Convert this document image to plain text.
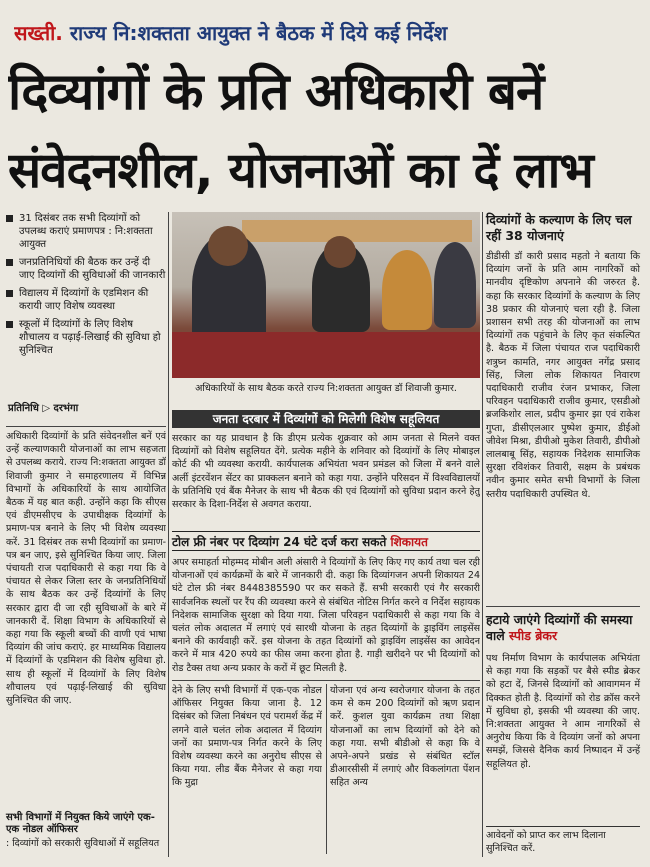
सख्ती. राज्य नि:शक्तता आयुक्त ने बैठक में दिये कई निर्देश
दिव्यांगों के प्रति अधिकारी बनें
संवेदनशील, योजनाओं का दें लाभ
31 दिसंबर तक सभी दिव्यांगों को उपलब्ध कराएं प्रमाणपत्र : नि:शक्तता आयुक्त
जनप्रतिनिधियों की बैठक कर उन्हें दी जाए दिव्यांगों की सुविधाओं की जानकारी
विद्यालय में दिव्यांगों के एडमिशन की करायी जाए विशेष व्यवस्था
स्कूलों में दिव्यांगों के लिए विशेष शौचालय व पढ़ाई-लिखाई की सुविधा हो सुनिश्चित
प्रतिनिधि ▷ दरभंगा
अधिकारियों के साथ बैठक करते राज्य नि:शक्तता आयुक्त डॉ शिवाजी कुमार.
जनता दरबार में दिव्यांगों को मिलेगी विशेष सहूलियत
सरकार का यह प्रावधान है कि डीएम प्रत्येक शुक्रवार को आम जनता से मिलने वक्त दिव्यांगों को विशेष सहूलियत देंगे. प्रत्येक महीने के शनिवार को दिव्यांगों के लिए मोबाइल कोर्ट की भी व्यवस्था करायी. कार्यपालक अभियंता भवन प्रमंडल को जिला में बनने वाले अर्ली इंटरवेंशन सेंटर का प्राक्कलन बनाने को कहा गया. उन्होंने परिसदन में विश्वविद्यालयों के प्रतिनिधि एवं बैंक मैनेजर के साथ भी बैठक की एवं दिव्यांगों को सुविधा प्रदान करने हेतु सरकार के दिशा-निर्देश से अवगत कराया.
टोल फ्री नंबर पर दिव्यांग 24 घंटे दर्ज करा सकते शिकायत
अपर समाहर्ता मोहम्मद मोबीन अली अंसारी ने दिव्यांगों के लिए किए गए कार्य तथा चल रही योजनाओं एवं कार्यक्रमों के बारे में जानकारी दी. कहा कि दिव्यांगजन अपनी शिकायत 24 घंटे टोल फ्री नंबर 8448385590 पर कर सकते हैं. सभी सरकारी एवं गैर सरकारी सार्वजनिक स्थलों पर रैंप की व्यवस्था करने से संबंधित नोटिस निर्गत करने व निर्देश सहायक निदेशक सामाजिक सुरक्षा को दिया गया. जिला परिवहन पदाधिकारी से कहा गया कि वे चलंत लोक अदालत में लगाएं एवं सारथी योजना के तहत दिव्यांगों के ड्राइविंग लाइसेंस बनाने की कार्यवाही करें. इस योजना के तहत दिव्यांगों को ड्राइविंग लाइसेंस का आवेदन करने में मात्र 420 रुपये का फीस जमा करना होता है. गाड़ी खरीदने पर भी दिव्यांगों को रोड टैक्स तथा अन्य प्रकार के करों में छूट मिलती है.
देने के लिए सभी विभागों में एक-एक नोडल ऑफिसर नियुक्त किया जाना है. 12 दिसंबर को जिला निबंधन एवं परामर्श केंद्र में लगने वाले चलंत लोक अदालत में दिव्यांग जनों का प्रमाण-पत्र निर्गत करने के लिए विशेष व्यवस्था करने का अनुरोध सीएस से किया गया. लीड बैंक मैनेजर से कहा गया कि मुद्रा
योजना एवं अन्य स्वरोजगार योजना के तहत कम से कम 200 दिव्यांगों को ऋण प्रदान करें. कुशल युवा कार्यक्रम तथा शिक्षा योजनाओं का लाभ दिव्यांगों को देने को कहा गया. सभी बीडीओ से कहा कि वे अपने-अपने प्रखंड से संबंधित स्टॉल डीआरसीसी में लगाएं और विकलांगता पेंशन सहित अन्य
अधिकारी दिव्यांगों के प्रति संवेदनशील बनें एवं उन्हें कल्याणकारी योजनाओं का लाभ सहजता से उपलब्ध कराये. राज्य नि:शक्तता आयुक्त डॉ शिवाजी कुमार ने समाहरणालय में विभिन्न विभागों के अधिकारियों के साथ आयोजित बैठक में यह बात कही. उन्होंने कहा कि सीएस एवं डीएमसीएच के उपाधीक्षक दिव्यांगों के प्रमाण-पत्र बनाने के लिए भी विशेष व्यवस्था करें. 31 दिसंबर तक सभी दिव्यांगों का प्रमाण-पत्र बन जाए, इसे सुनिश्चित किया जाए. जिला पंचायती राज पदाधिकारी से कहा गया कि वे पंचायत से लेकर जिला स्तर के जनप्रतिनिधियों के साथ बैठक कर उन्हें दिव्यांगों के लिए सरकार द्वारा दी जा रही सुविधाओं के बारे में जानकारी दें. शिक्षा विभाग के अधिकारियों से कहा गया कि स्कूली बच्चों की वाणी एवं भाषा दिव्यांग की जांच कराएं. हर माध्यमिक विद्यालय में दिव्यांगों के एडमिशन की विशेष सुविधा हो. साथ ही स्कूलों में दिव्यांगों के लिए विशेष शौचालय एवं पढ़ाई-लिखाई की सुविधा सुनिश्चित की जाए.
सभी विभागों में नियुक्त किये जाएंगे एक-एक नोडल ऑफिसर
: दिव्यांगों को सरकारी सुविधाओं में सहूलियत
दिव्यांगों के कल्याण के लिए चल रहीं 38 योजनाएं
डीडीसी डॉ कारी प्रसाद महतो ने बताया कि दिव्यांग जनों के प्रति आम नागरिकों को मानवीय दृष्टिकोण अपनाने की जरुरत है. कहा कि सरकार दिव्यांगों के कल्याण के लिए 38 प्रकार की योजनाएं चला रही है. जिला प्रशासन सभी तरह की योजनाओं का लाभ दिव्यांगों तक पहुंचाने के लिए कृत संकल्पित है. बैठक में जिला पंचायत राज पदाधिकारी शत्रुघ्न कामति, नगर आयुक्त नगेंद्र प्रसाद सिंह, जिला लोक शिकायत निवारण पदाधिकारी राजीव रंजन प्रभाकर, जिला परिवहन पदाधिकारी राजीव कुमार, एसडीओ ब्रजकिशोर लाल, प्रदीप कुमार झा एवं राकेश गुप्ता, डीसीएलआर पुष्पेश कुमार, डीईओ जीवेश मिश्रा, डीपीओ मुकेश तिवारी, डीपीओ लालबाबू सिंह, सहायक निदेशक सामाजिक सुरक्षा रविशंकर तिवारी, सक्षम के प्रबंधक नवीन कुमार समेत सभी विभागों के जिला स्तरीय पदाधिकारी उपस्थित थे.
हटाये जाएंगे दिव्यांगों की समस्या वाले स्पीड ब्रेकर
पथ निर्माण विभाग के कार्यपालक अभियंता से कहा गया कि सड़कों पर बैसे स्पीड ब्रेकर को हटा दें, जिनसे दिव्यांगों को आवागमन में दिक्कत होती है. दिव्यांगों को रोड क्रॉस करने में सुविधा हो, इसकी भी व्यवस्था की जाए. नि:शक्तता आयुक्त ने आम नागरिकों से अनुरोध किया कि वे दिव्यांग जनों को अपना समझें, जिससे दैनिक कार्य निष्पादन में उन्हें सहूलियत हो.
आवेदनों को प्राप्त कर लाभ दिलाना सुनिश्चित करें.
